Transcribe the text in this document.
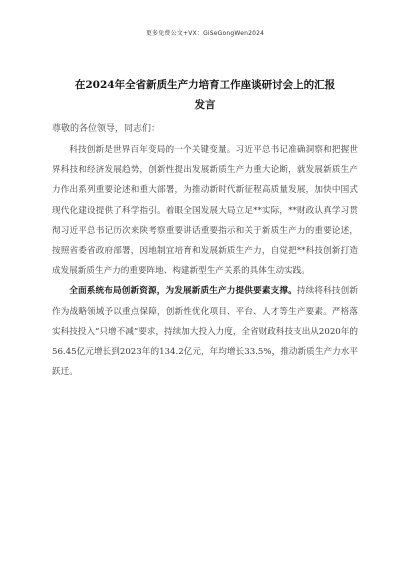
更多免费公文+VX：GiSeGongWen2024
在2024年全省新质生产力培育工作座谈研讨会上的汇报发言
尊敬的各位领导，同志们：

科技创新是世界百年变局的一个关键变量。习近平总书记准确洞察和把握世界科技和经济发展趋势，创新性提出发展新质生产力重大论断，就发展新质生产力作出系列重要论述和重大部署，为推动新时代新征程高质量发展，加快中国式现代化建设提供了科学指引。着眼全国发展大局立足**实际，**财政认真学习贯彻习近平总书记历次来陕考察重要讲话重要指示和关于新质生产力的重要论述，按照省委省政府部署，因地制宜培育和发展新质生产力，自觉把**科技创新打造成发展新质生产力的重要阵地、构建新型生产关系的具体生动实践。

全面系统布局创新资源，为发展新质生产力提供要素支撑。持续将科技创新作为战略领域予以重点保障，创新性优化项目、平台、人才等生产要素。严格落实科技投入“只增不减”要求，持续加大投入力度，全省财政科技支出从2020年的56.45亿元增长到2023年的134.2亿元，年均增长33.5%，推动新质生产力水平跃迁。
